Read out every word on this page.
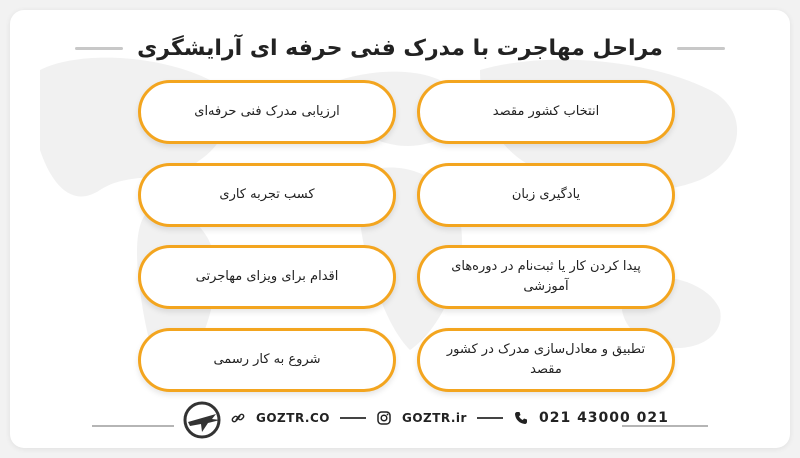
مراحل مهاجرت با مدرک فنی حرفه ای آرایشگری
انتخاب کشور مقصد
یادگیری زبان
پیدا کردن کار یا ثبت‌نام در دوره‌های آموزشی
تطبیق و معادل‌سازی مدرک در کشور مقصد
ارزیابی مدرک فنی حرفه‌ای
کسب تجربه کاری
اقدام برای ویزای مهاجرتی
شروع به کار رسمی
GOZTR.CO	GOZTR.ir	021 43000 021
